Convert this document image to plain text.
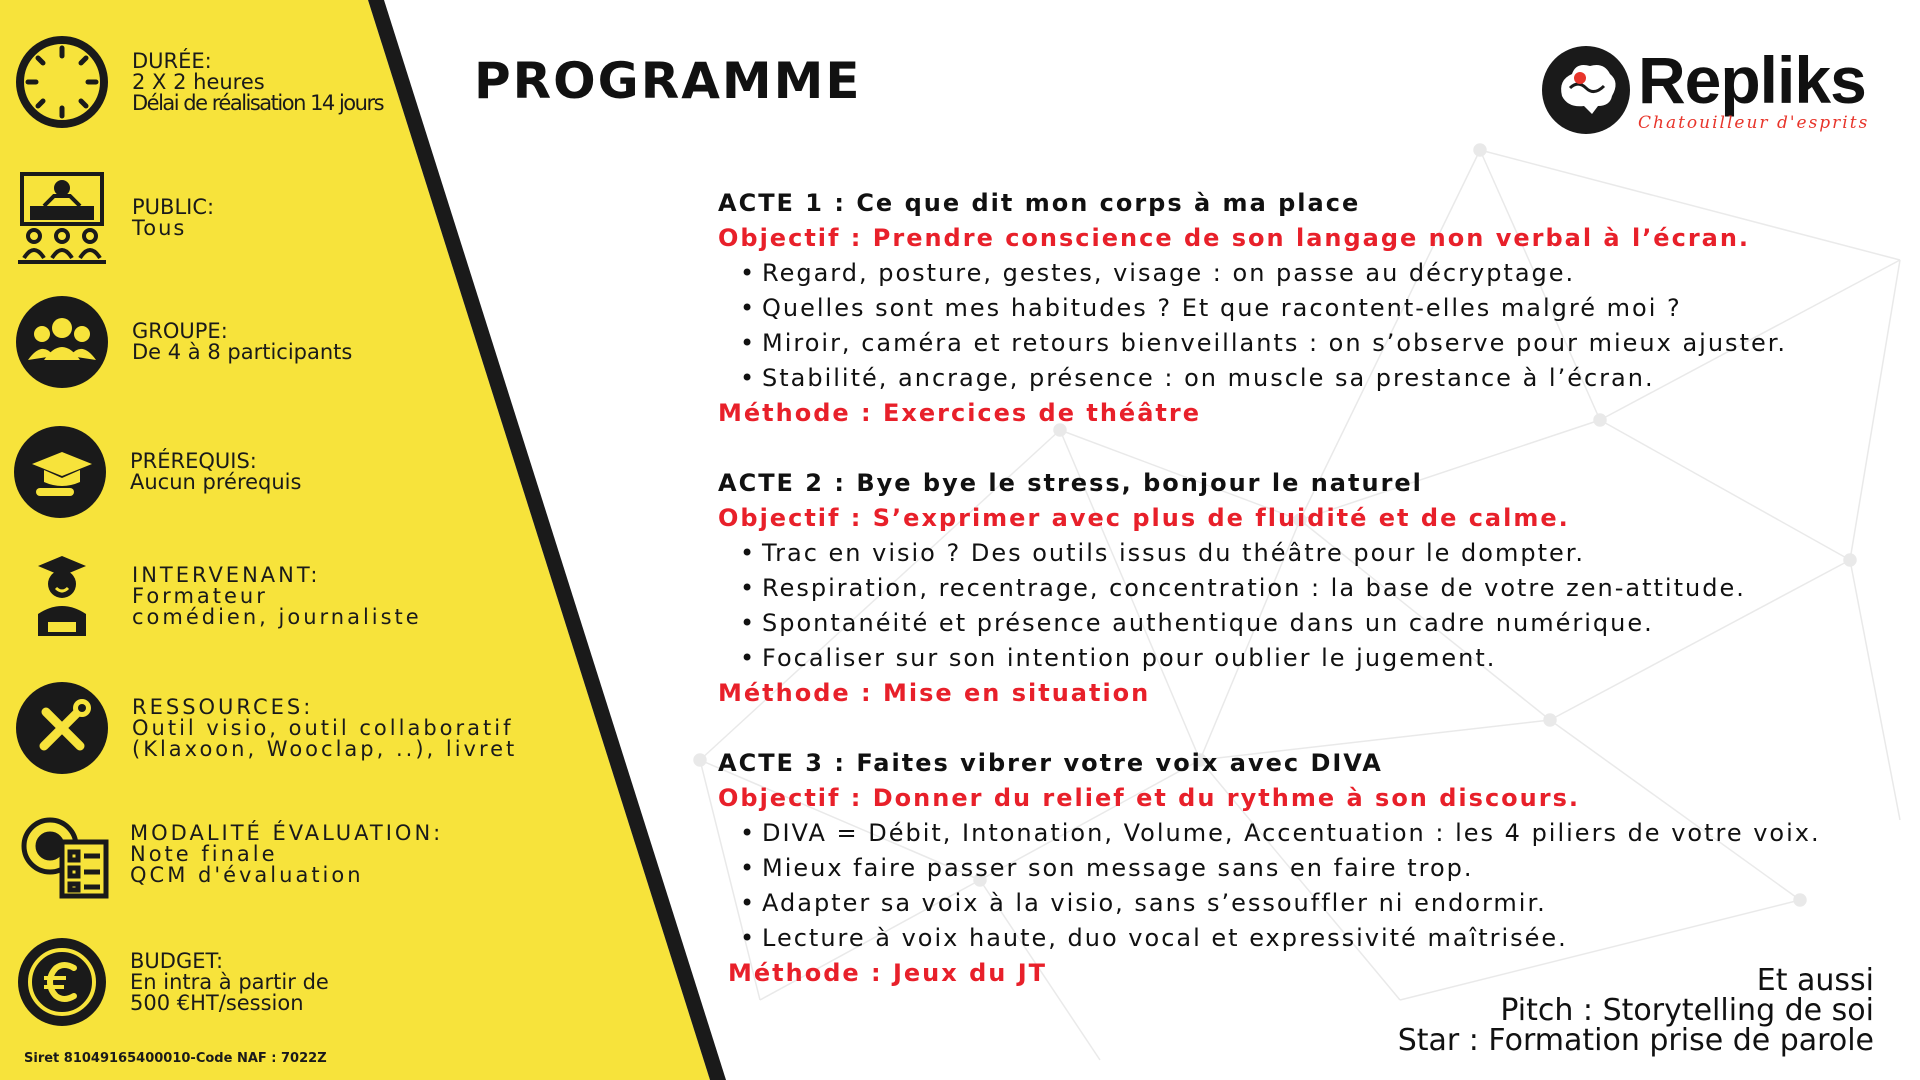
DURÉE:
2 X 2 heures
Délai de réalisation 14 jours
PUBLIC:
Tous
GROUPE:
De 4 à 8 participants
PRÉREQUIS:
Aucun prérequis
INTERVENANT:
Formateur
comédien, journaliste
RESSOURCES:
Outil visio, outil collaboratif
(Klaxoon, Wooclap, ..), livret
MODALITÉ ÉVALUATION:
Note finale
QCM d'évaluation
BUDGET:
En intra à partir de
500 €HT/session
Siret 81049165400010-Code NAF : 7022Z
PROGRAMME	Repliks
Chatouilleur d'esprits
ACTE 1 : Ce que dit mon corps à ma place
Objectif : Prendre conscience de son langage non verbal à l’écran.
• Regard, posture, gestes, visage : on passe au décryptage.
• Quelles sont mes habitudes ? Et que racontent-elles malgré moi ?
• Miroir, caméra et retours bienveillants : on s’observe pour mieux ajuster.
• Stabilité, ancrage, présence : on muscle sa prestance à l’écran.
Méthode : Exercices de théâtre
ACTE 2 : Bye bye le stress, bonjour le naturel
Objectif : S’exprimer avec plus de fluidité et de calme.
• Trac en visio ? Des outils issus du théâtre pour le dompter.
• Respiration, recentrage, concentration : la base de votre zen-attitude.
• Spontanéité et présence authentique dans un cadre numérique.
• Focaliser sur son intention pour oublier le jugement.
Méthode : Mise en situation
ACTE 3 : Faites vibrer votre voix avec DIVA
Objectif : Donner du relief et du rythme à son discours.
• DIVA = Débit, Intonation, Volume, Accentuation : les 4 piliers de votre voix.
• Mieux faire passer son message sans en faire trop.
• Adapter sa voix à la visio, sans s’essouffler ni endormir.
• Lecture à voix haute, duo vocal et expressivité maîtrisée.
Méthode : Jeux du JT	Et aussi
Pitch : Storytelling de soi
Star : Formation prise de parole
